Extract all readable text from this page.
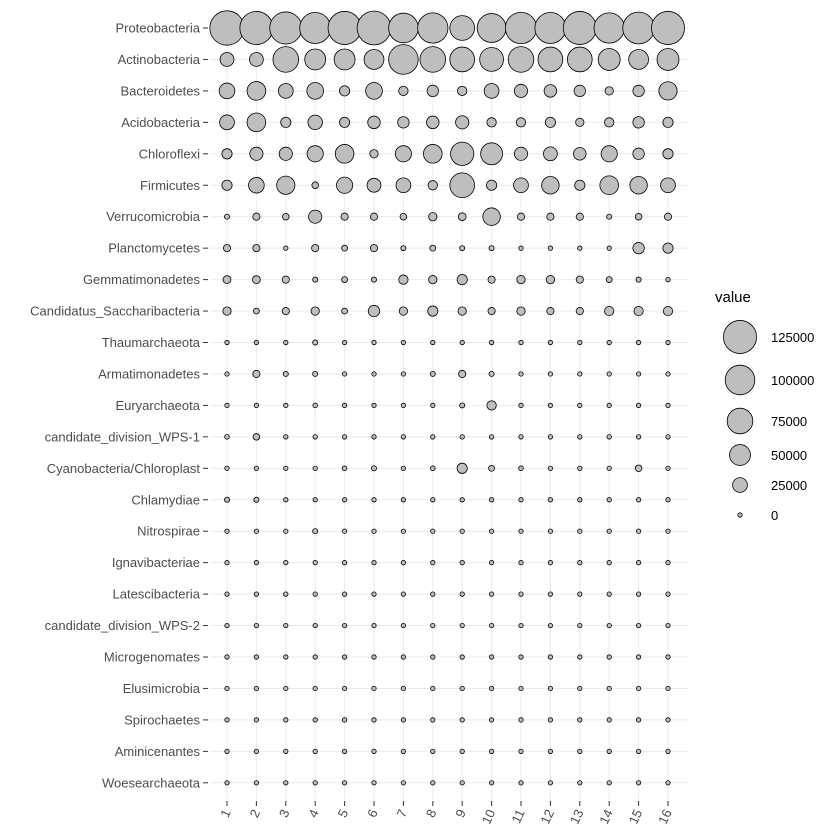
Proteobacteria
Actinobacteria
Bacteroidetes
Acidobacteria
Chloroflexi
Firmicutes
Verrucomicrobia
Planctomycetes
Gemmatimonadetes
Candidatus_Saccharibacteria
Thaumarchaeota
Armatimonadetes
Euryarchaeota
candidate_division_WPS-1
Cyanobacteria/Chloroplast
Chlamydiae
Nitrospirae
Ignavibacteriae
Latescibacteria
candidate_division_WPS-2
Microgenomates
Elusimicrobia
Spirochaetes
Aminicenantes
Woesearchaeota
1 2 3 4 5 6 7 8 9 10 11 12 13 14 15 16
value
125000
100000
75000
50000
25000
0
